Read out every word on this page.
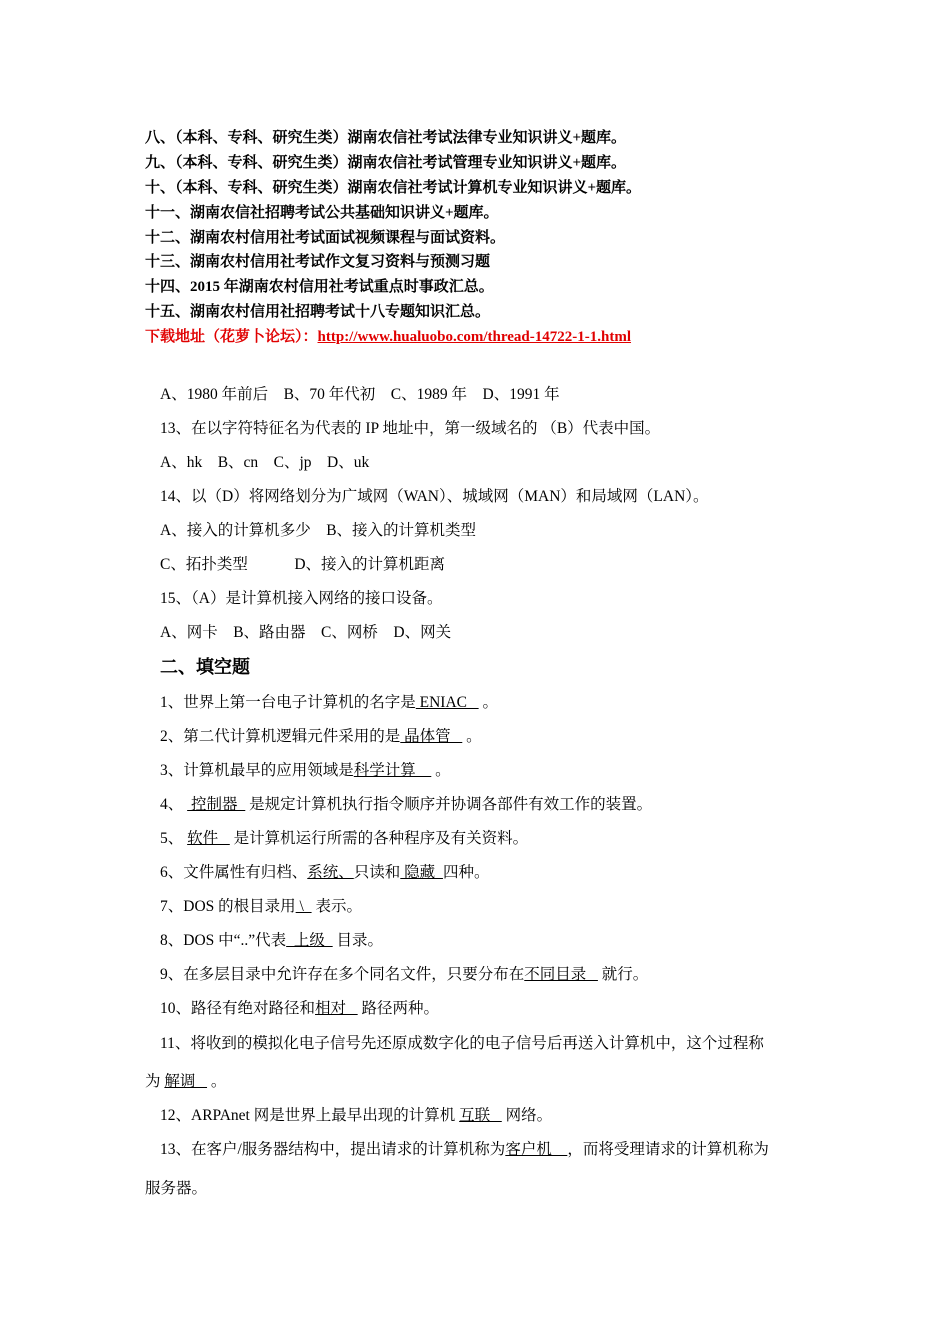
八、（本科、专科、研究生类）湖南农信社考试法律专业知识讲义+题库。
九、（本科、专科、研究生类）湖南农信社考试管理专业知识讲义+题库。
十、（本科、专科、研究生类）湖南农信社考试计算机专业知识讲义+题库。
十一、湖南农信社招聘考试公共基础知识讲义+题库。
十二、湖南农村信用社考试面试视频课程与面试资料。
十三、湖南农村信用社考试作文复习资料与预测习题
十四、2015 年湖南农村信用社考试重点时事政汇总。
十五、湖南农村信用社招聘考试十八专题知识汇总。
下载地址（花萝卜论坛）：http://www.hualuobo.com/thread-14722-1-1.html
A、1980 年前后    B、70 年代初    C、1989 年    D、1991 年
13、在以字符特征名为代表的 IP 地址中，第一级域名的 （B）代表中国。
A、hk    B、cn    C、jp    D、uk
14、以（D）将网络划分为广域网（WAN）、城域网（MAN）和局域网（LAN）。
A、接入的计算机多少    B、接入的计算机类型
C、拓扑类型            D、接入的计算机距离
15、（A）是计算机接入网络的接口设备。
A、网卡    B、路由器    C、网桥    D、网关
二、填空题
1、世界上第一台电子计算机的名字是 ENIAC    。
2、第二代计算机逻辑元件采用的是 晶体管    。
3、计算机最早的应用领域是科学计算     。
4、  控制器   是规定计算机执行指令顺序并协调各部件有效工作的装置。
5、 软件    是计算机运行所需的各种程序及有关资料。
6、文件属性有归档、系统、只读和 隐藏  四种。
7、DOS 的根目录用 \   表示。
8、DOS 中“..”代表  上级   目录。
9、在多层目录中允许存在多个同名文件，只要分布在不同目录    就行。
10、路径有绝对路径和相对    路径两种。
11、将收到的模拟化电子信号先还原成数字化的电子信号后再送入计算机中，这个过程称
为 解调    。
12、ARPAnet 网是世界上最早出现的计算机 互联    网络。
13、在客户/服务器结构中，提出请求的计算机称为客户机    ，而将受理请求的计算机称为
服务器。
